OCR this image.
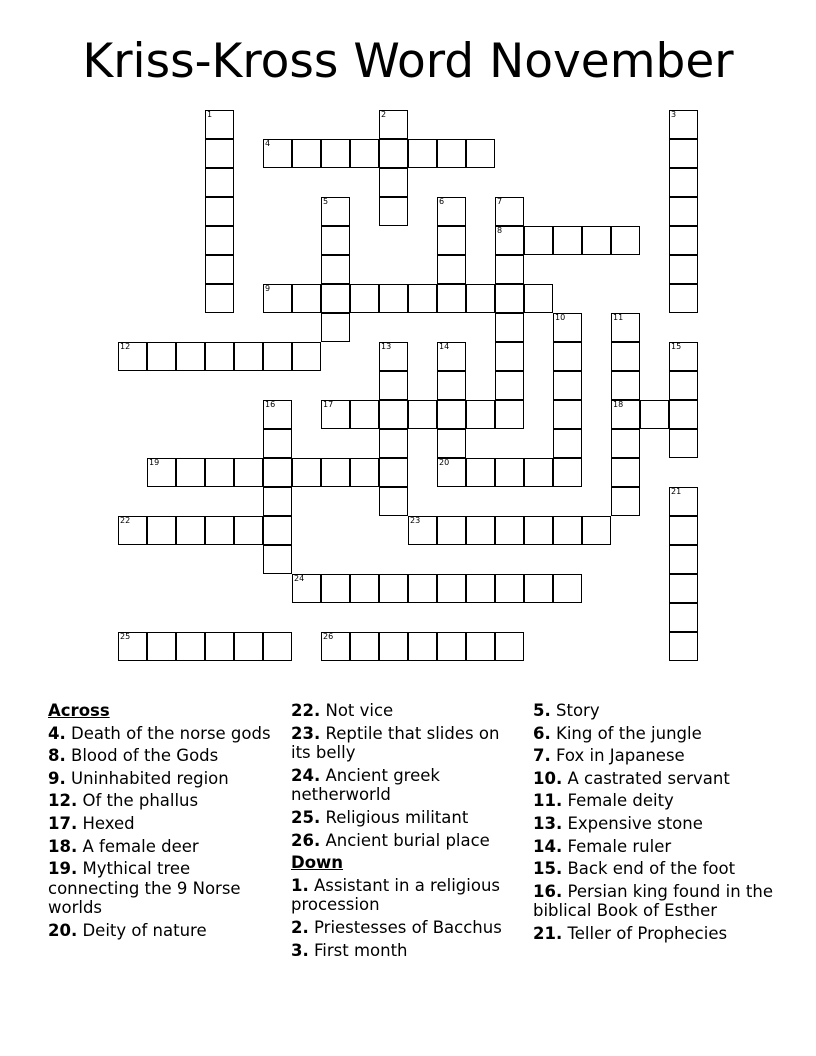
Kriss-Kross Word November
1	2	3
4
5	6	7
8
9
10	11
18
12	13	14	15
16	17
19	20
21
22	23
24
25	26
Across
4. Death of the norse gods
8. Blood of the Gods
9. Uninhabited region
12. Of the phallus
17. Hexed
18. A female deer
19. Mythical tree connecting the 9 Norse worlds
20. Deity of nature
22. Not vice
23. Reptile that slides on its belly
24. Ancient greek netherworld
25. Religious militant
26. Ancient burial place
Down
1. Assistant in a religious procession
2. Priestesses of Bacchus
3. First month
5. Story
6. King of the jungle
7. Fox in Japanese
10. A castrated servant
11. Female deity
13. Expensive stone
14. Female ruler
15. Back end of the foot
16. Persian king found in the biblical Book of Esther
21. Teller of Prophecies
